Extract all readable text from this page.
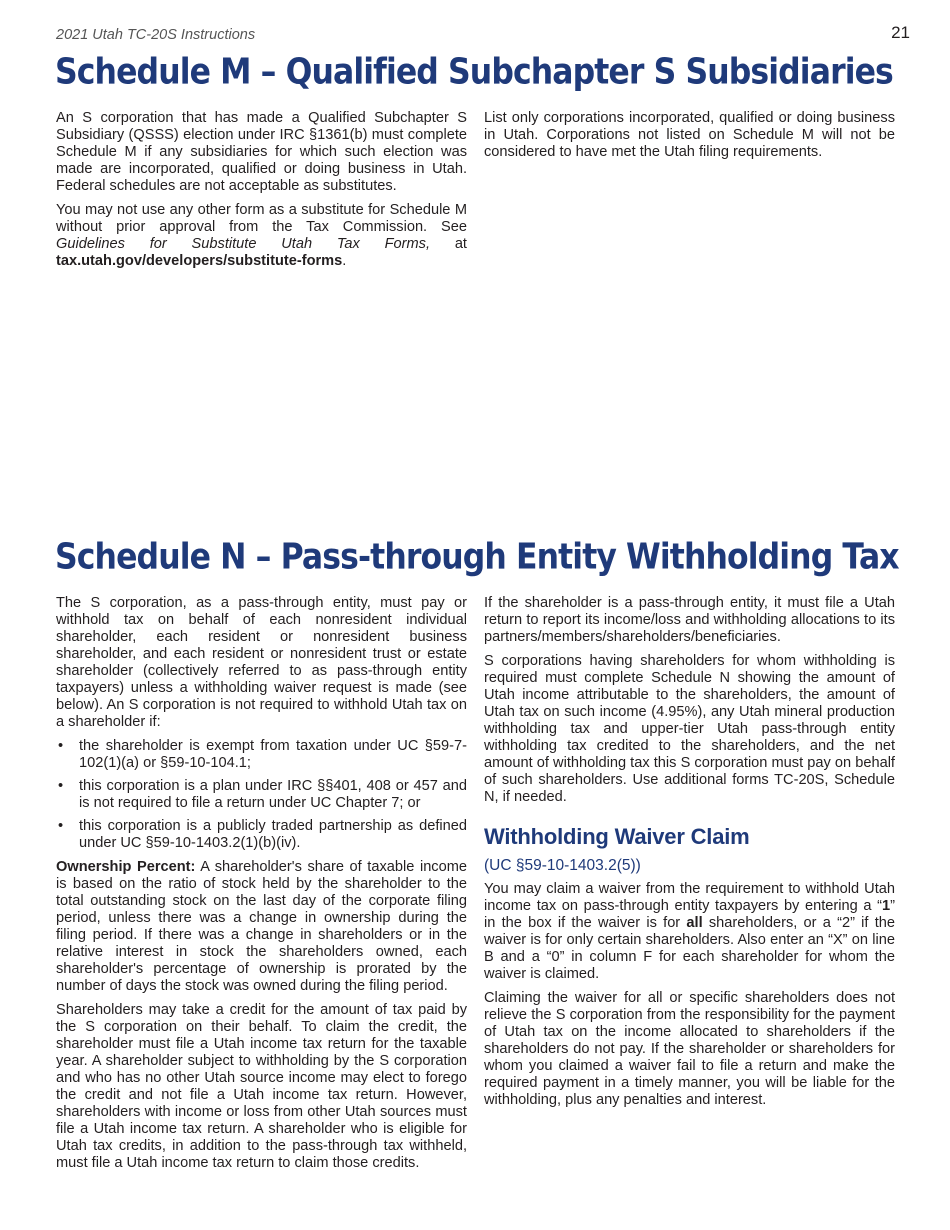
2021 Utah TC-20S Instructions	21
Schedule M – Qualified Subchapter S Subsidiaries

An S corporation that has made a Qualified Subchapter S Subsidiary (QSSS) election under IRC §1361(b) must complete Schedule M if any subsidiaries for which such election was made are incorporated, qualified or doing business in Utah. Federal schedules are not acceptable as substitutes.

You may not use any other form as a substitute for Schedule M without prior approval from the Tax Commission. See Guidelines for Substitute Utah Tax Forms, at tax.utah.gov/developers/substitute-forms.

List only corporations incorporated, qualified or doing business in Utah. Corporations not listed on Schedule M will not be considered to have met the Utah filing requirements.

Schedule N – Pass-through Entity Withholding Tax

The S corporation, as a pass-through entity, must pay or withhold tax on behalf of each nonresident individual shareholder, each resident or nonresident business shareholder, and each resident or nonresident trust or estate shareholder (collectively referred to as pass-through entity taxpayers) unless a withholding waiver request is made (see below). An S corporation is not required to withhold Utah tax on a shareholder if:

• the shareholder is exempt from taxation under UC §59-7-102(1)(a) or §59-10-104.1;
• this corporation is a plan under IRC §§401, 408 or 457 and is not required to file a return under UC Chapter 7; or
• this corporation is a publicly traded partnership as defined under UC §59-10-1403.2(1)(b)(iv).

Ownership Percent: A shareholder's share of taxable income is based on the ratio of stock held by the shareholder to the total outstanding stock on the last day of the corporate filing period, unless there was a change in ownership during the filing period. If there was a change in shareholders or in the relative interest in stock the shareholders owned, each shareholder's percentage of ownership is prorated by the number of days the stock was owned during the filing period.

Shareholders may take a credit for the amount of tax paid by the S corporation on their behalf. To claim the credit, the shareholder must file a Utah income tax return for the taxable year. A shareholder subject to withholding by the S corporation and who has no other Utah source income may elect to forego the credit and not file a Utah income tax return. However, shareholders with income or loss from other Utah sources must file a Utah income tax return. A shareholder who is eligible for Utah tax credits, in addition to the pass-through tax withheld, must file a Utah income tax return to claim those credits.

If the shareholder is a pass-through entity, it must file a Utah return to report its income/loss and withholding allocations to its partners/members/shareholders/beneficiaries.

S corporations having shareholders for whom withholding is required must complete Schedule N showing the amount of Utah income attributable to the shareholders, the amount of Utah tax on such income (4.95%), any Utah mineral production withholding tax and upper-tier Utah pass-through entity withholding tax credited to the shareholders, and the net amount of withholding tax this S corporation must pay on behalf of such shareholders. Use additional forms TC-20S, Schedule N, if needed.

Withholding Waiver Claim
(UC §59-10-1403.2(5))

You may claim a waiver from the requirement to withhold Utah income tax on pass-through entity taxpayers by entering a “1” in the box if the waiver is for all shareholders, or a “2” if the waiver is for only certain shareholders. Also enter an “X” on line B and a “0” in column F for each shareholder for whom the waiver is claimed.

Claiming the waiver for all or specific shareholders does not relieve the S corporation from the responsibility for the payment of Utah tax on the income allocated to shareholders if the shareholders do not pay. If the shareholder or shareholders for whom you claimed a waiver fail to file a return and make the required payment in a timely manner, you will be liable for the withholding, plus any penalties and interest.
